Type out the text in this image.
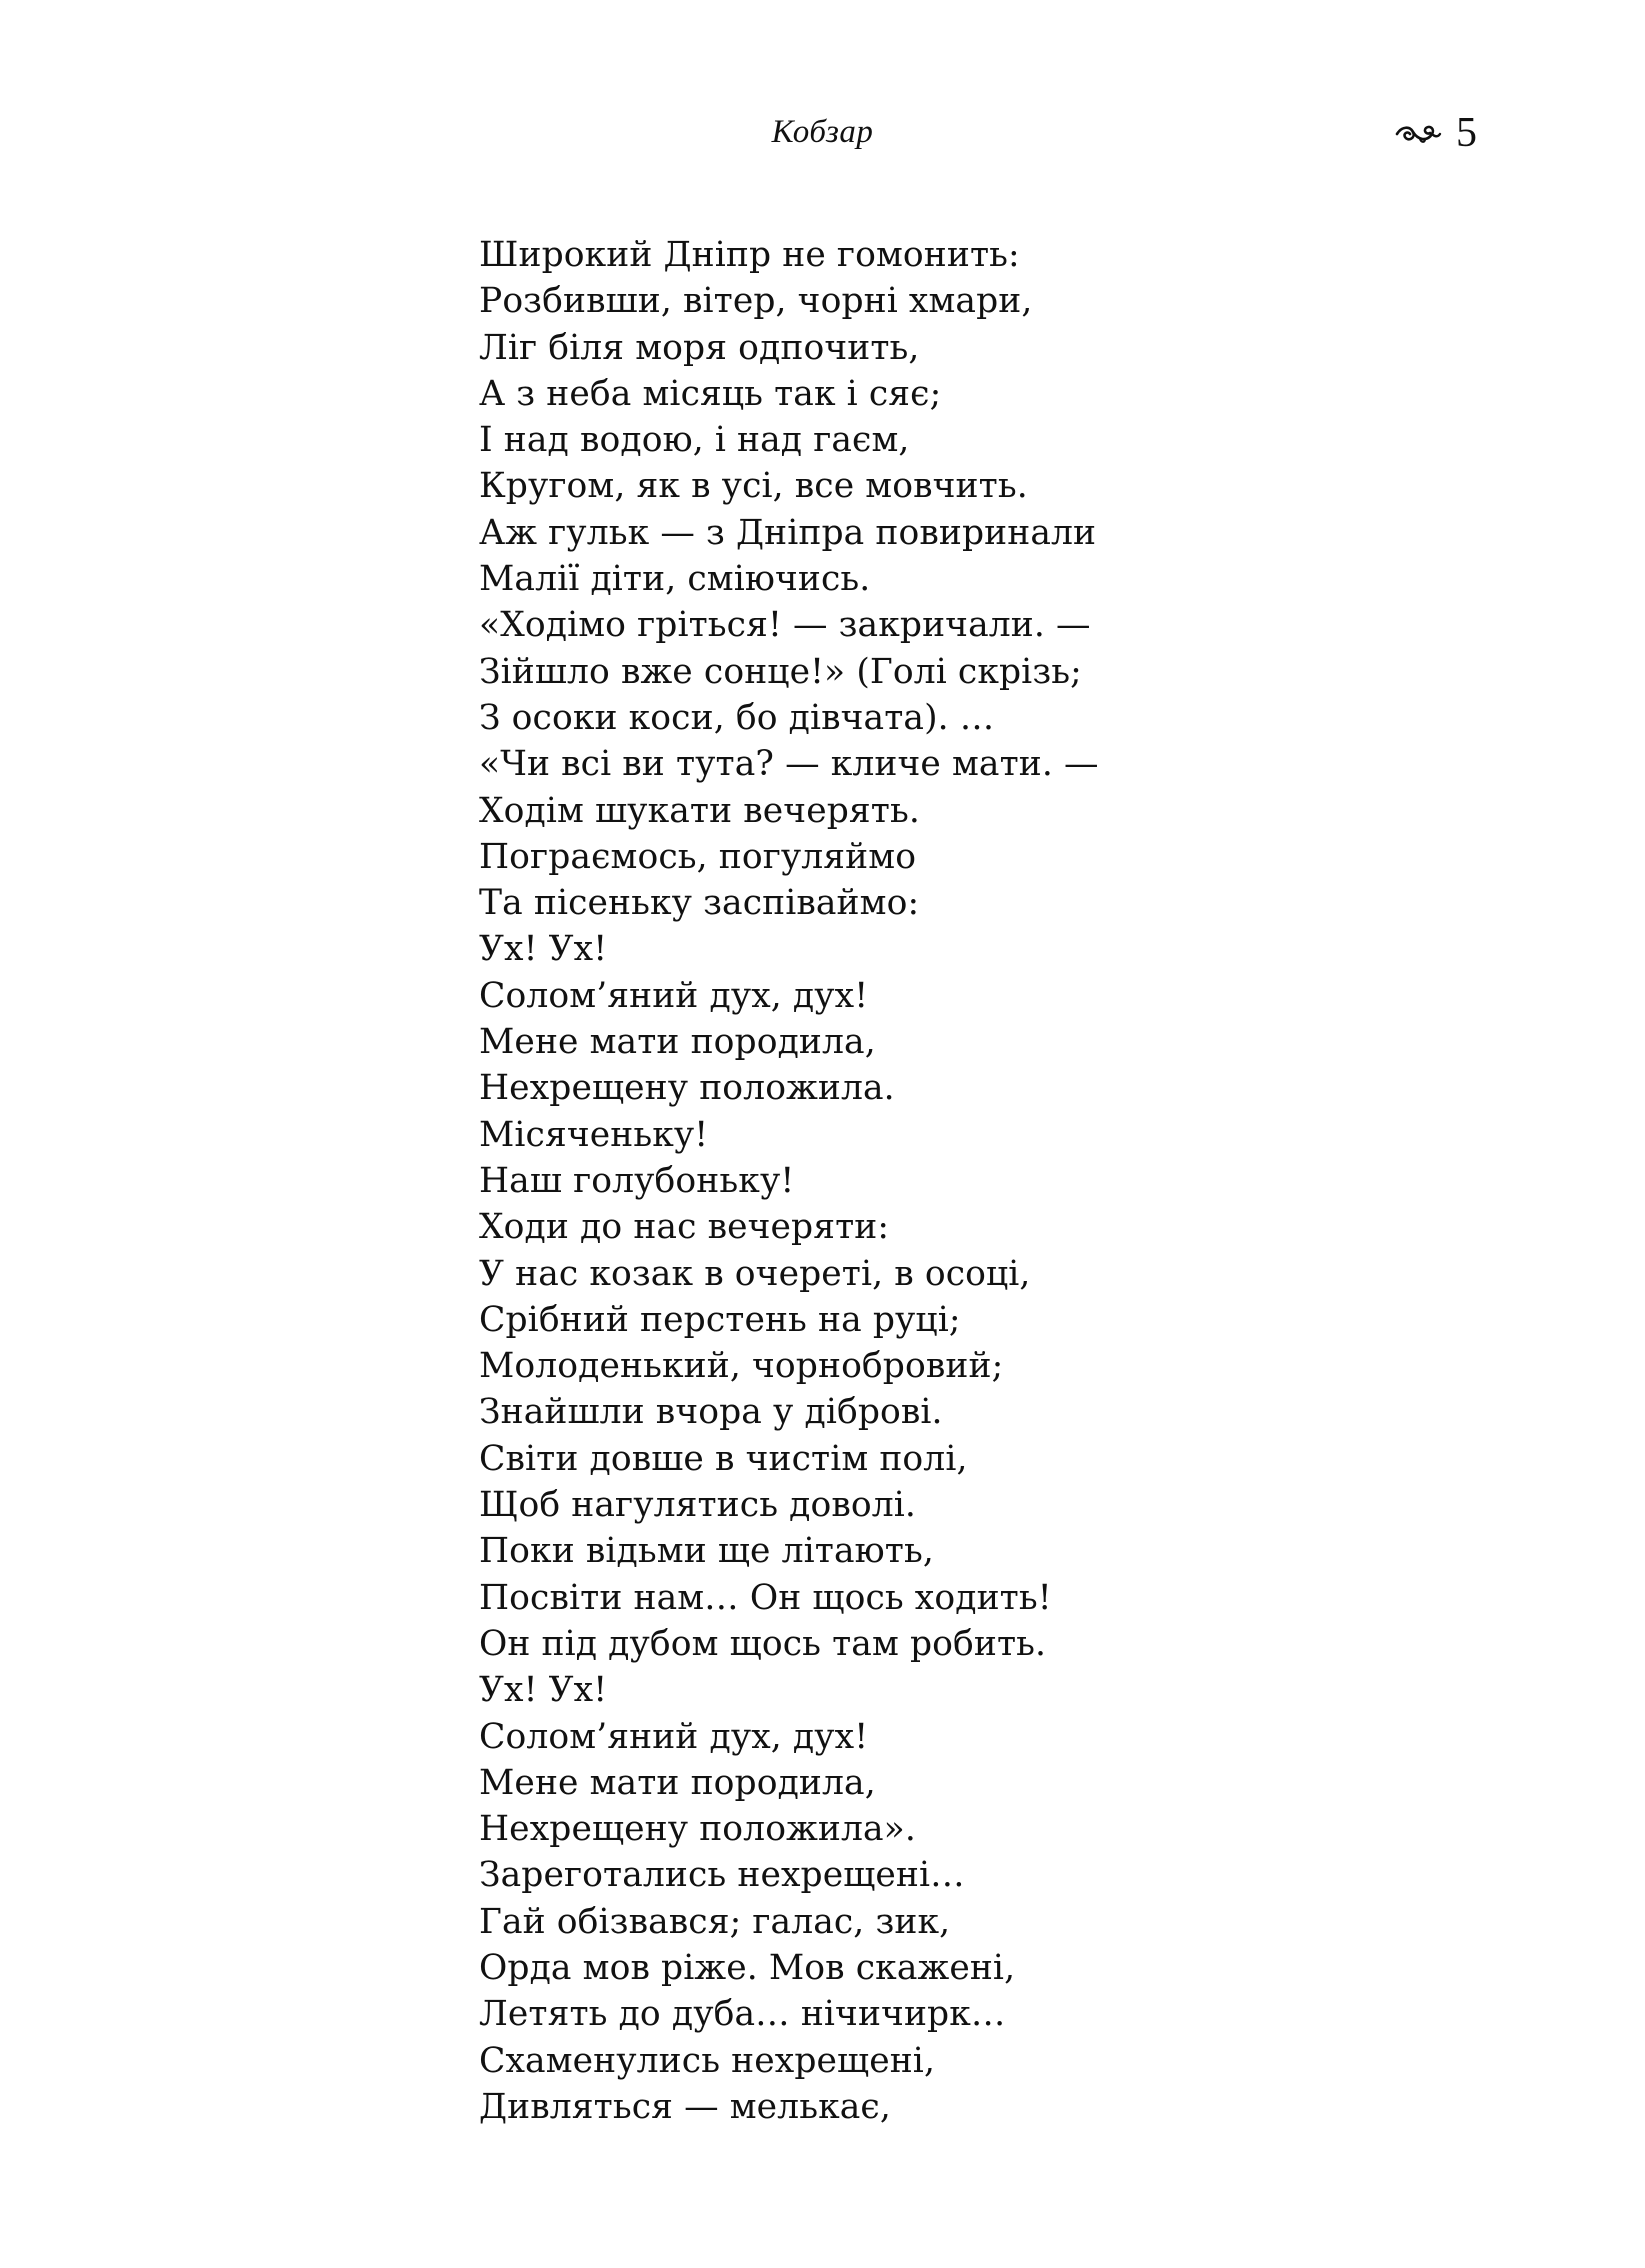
Кобзар	5
Широкий Дніпр не гомонить:
Розбивши, вітер, чорні хмари,
Ліг біля моря одпочить,
А з неба місяць так і сяє;
І над водою, і над гаєм,
Кругом, як в усі, все мовчить.
Аж гульк — з Дніпра повиринали
Малії діти, сміючись.
«Ходімо гріться! — закричали. —
Зійшло вже сонце!» (Голі скрізь;
З осоки коси, бо дівчата). …
«Чи всі ви тута? — кличе мати. —
Ходім шукати вечерять.
Пограємось, погуляймо
Та пісеньку заспіваймо:
Ух! Ух!
Солом’яний дух, дух!
Мене мати породила,
Нехрещену положила.
Місяченьку!
Наш голубоньку!
Ходи до нас вечеряти:
У нас козак в очереті, в осоці,
Срібний перстень на руці;
Молоденький, чорнобровий;
Знайшли вчора у діброві.
Світи довше в чистім полі,
Щоб нагулятись доволі.
Поки відьми ще літають,
Посвіти нам… Он щось ходить!
Он під дубом щось там робить.
Ух! Ух!
Солом’яний дух, дух!
Мене мати породила,
Нехрещену положила».
Зареготались нехрещені…
Гай обізвався; галас, зик,
Орда мов ріже. Мов скажені,
Летять до дуба… нічичирк…
Схаменулись нехрещені,
Дивляться — мелькає,
